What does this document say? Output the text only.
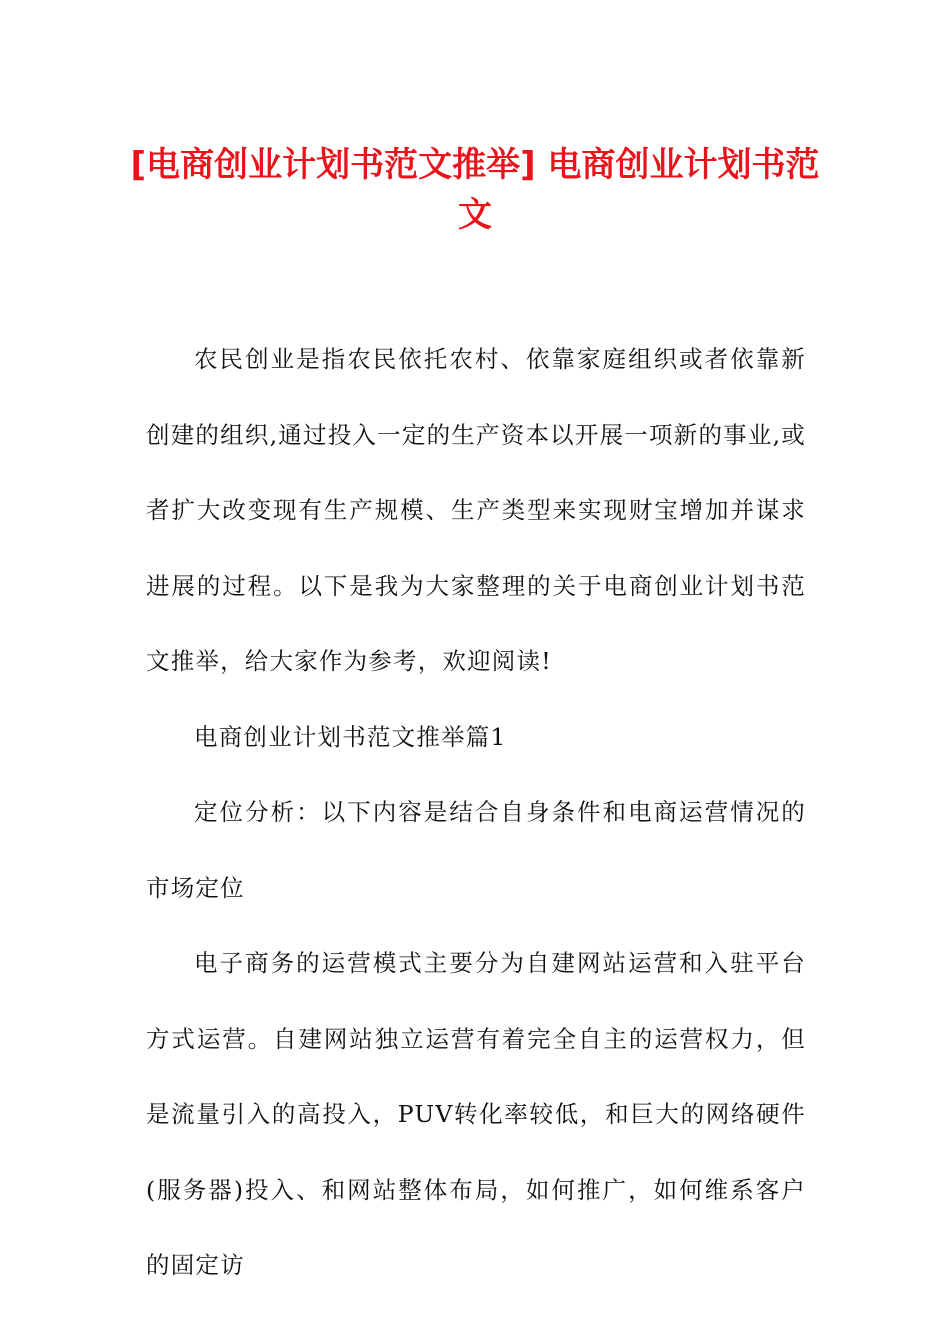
[电商创业计划书范文推举] 电商创业计划书范文

农民创业是指农民依托农村、依靠家庭组织或者依靠新创建的组织,通过投入一定的生产资本以开展一项新的事业,或者扩大改变现有生产规模、生产类型来实现财宝增加并谋求进展的过程。以下是我为大家整理的关于电商创业计划书范文推举，给大家作为参考，欢迎阅读!

电商创业计划书范文推举篇1

定位分析：以下内容是结合自身条件和电商运营情况的市场定位

电子商务的运营模式主要分为自建网站运营和入驻平台方式运营。自建网站独立运营有着完全自主的运营权力，但是流量引入的高投入，PUV转化率较低，和巨大的网络硬件(服务器)投入、和网站整体布局，如何推广，如何维系客户的固定访
